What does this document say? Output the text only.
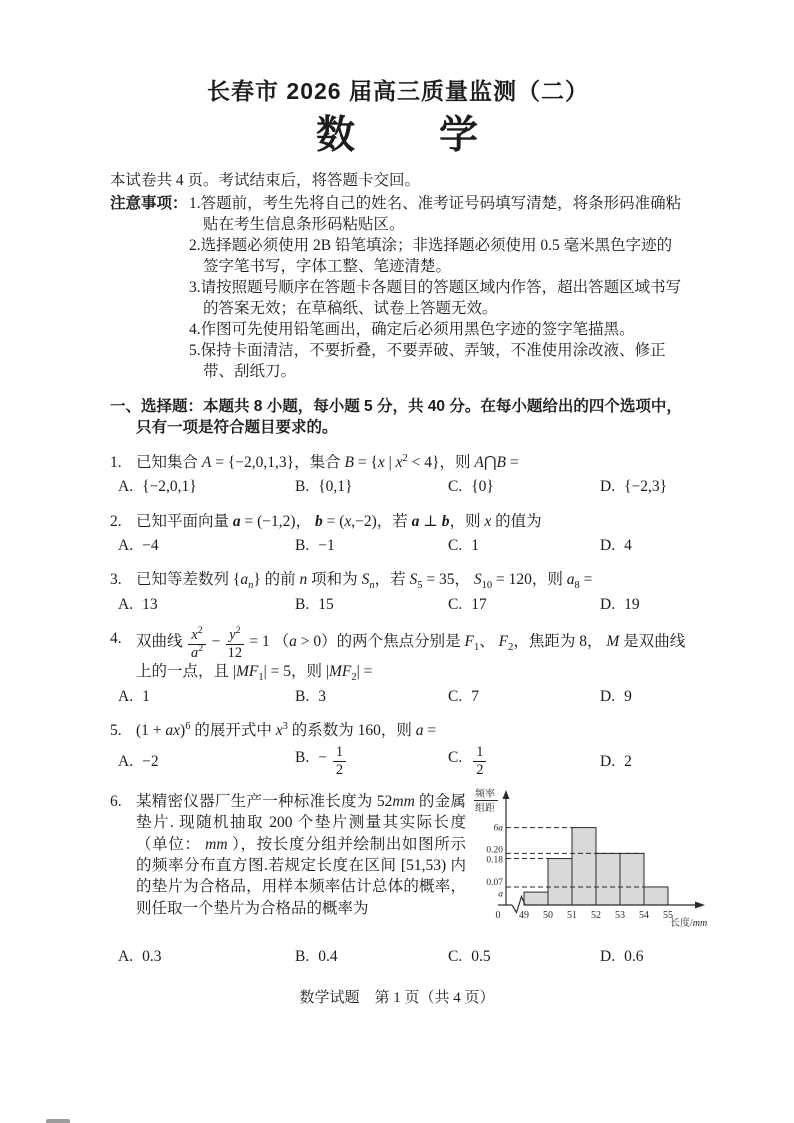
长春市 2026 届高三质量监测（二）
数　　学

本试卷共 4 页。考试结束后，将答题卡交回。

注意事项： 1.答题前，考生先将自己的姓名、准考证号码填写清楚，将条形码准确粘贴在考生信息条形码粘贴区。
2.选择题必须使用 2B 铅笔填涂；非选择题必须使用 0.5 毫米黑色字迹的签字笔书写，字体工整、笔迹清楚。
3.请按照题号顺序在答题卡各题目的答题区域内作答，超出答题区域书写的答案无效；在草稿纸、试卷上答题无效。
4.作图可先使用铅笔画出，确定后必须用黑色字迹的签字笔描黑。
5.保持卡面清洁，不要折叠，不要弄破、弄皱，不准使用涂改液、修正带、刮纸刀。
一、选择题：本题共 8 小题，每小题 5 分，共 40 分。在每小题给出的四个选项中，只有一项是符合题目要求的。
1. 已知集合 A = {−2,0,1,3}，集合 B = {x | $x^2 < 4$}，则 A⋂B =
A. {−2,0,1}	B. {0,1}	C. {0}	D. {−2,3}
2. 已知平面向量 a = (−1,2)， b = (x,−2)，若 a ⊥ b，则 x 的值为
A. −4	B. −1	C. 1	D. 4
3. 已知等差数列 $\{a_n\}$ 的前 n 项和为 $S_n$，若 $S_5 = 35$， $S_{10} = 120$，则 $a_8$ =
A. 13	B. 15	C. 17	D. 19
4. 双曲线 $\frac{x^2}{a^2} - \frac{y^2}{12} = 1$ （a > 0）的两个焦点分别是 $F_1$、 $F_2$，焦距为 8， M 是双曲线上的一点，且 $|MF_1| = 5$，则 $|MF_2|$ =
A. 1	B. 3	C. 7	D. 9
5. (1 + ax)$^6$ 的展开式中 $x^3$ 的系数为 160，则 a =
A. −2	B. − $\frac{1}{2}$	C. $\frac{1}{2}$	D. 2
6. 某精密仪器厂生产一种标准长度为 52mm 的金属垫片. 现随机抽取 200 个垫片测量其实际长度（单位： mm ），按长度分组并绘制出如图所示的频率分布直方图.若规定长度在区间 [51,53) 内的垫片为合格品，用样本频率估计总体的概率，则任取一个垫片为合格品的概率为
6a
0.20
0.18
0.07
a
49 50 51 52 53 54 55
0
频率
组距
长度/mm
A. 0.3	B. 0.4	C. 0.5	D. 0.6
数学试题　第 1 页（共 4 页）
